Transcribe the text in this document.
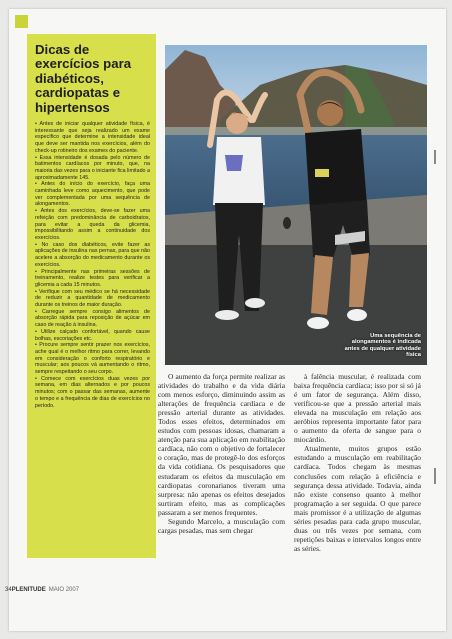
Dicas de exercícios para diabéticos, cardiopatas e hipertensos

• Antes de iniciar qualquer atividade física, é interessante que seja realizado um exame específico que determine a intensidade ideal que deve ser mantida nos exercícios, além do check-up rotineiro dos exames do paciente.

• Essa intensidade é dosada pelo número de batimentos cardíacos por minuto, que, na maioria das vezes para o iniciante fica limitado a aproximadamente 145.

• Antes do início do exercício, faça uma caminhada leve como aquecimento, que pode ver complementada por uma sequência de alongamentos.

• Antes dos exercícios, deve-se fazer uma refeição com predominância de carboidratos, para evitar a queda da glicemia, impossibilitando assim a continuidade dos exercícios.

• No caso dos diabéticos, evite fazer as aplicações de insulina nas pernas, para que não acelere a absorção do medicamento durante os exercícios.

• Principalmente nas primeiras sessões de treinamento, realize testes para verificar a glicemia a cada 15 minutos.

• Verifique com seu médico se há necessidade de reduzir a quantidade de medicamento durante os treinos de maior duração.

• Carregue sempre consigo alimentos de absorção rápida para reposição de açúcar em caso de reação à insulina.

• Utilize calçado confortável, quando cause bolhas, escoriações etc.

• Procure sempre sentir prazer nos exercícios, ache qual é o melhor ritmo para correr, levando em consideração o conforto respiratório e muscular; aos poucos vá aumentando o ritmo, sempre respeitando o seu corpo.

• Comece com exercícios duas vezes por semana, em dias alternados e por poucos minutos; com o passar das semanas, aumente o tempo e a frequência de dias de exercícios no período.

Uma sequência de alongamentos é indicada antes de qualquer atividade física

O aumento da força permite realizar as atividades do trabalho e da vida diária com menos esforço, diminuindo assim as alterações de frequência cardíaca e de pressão arterial durante as atividades. Todos esses efeitos, determinados em estudos com pessoas idosas, chamaram a atenção para sua aplicação em reabilitação cardíaca, não com o objetivo de fortalecer o coração, mas de protegê-lo dos esforços da vida cotidiana. Os pesquisadores que estudaram os efeitos da musculação em cardiopatas coronarianos tiveram uma surpresa: não apenas os efeitos desejados surtiram efeito, mas as complicações passaram a ser menos frequentes.

Segundo Marcelo, a musculação com cargas pesadas, mas sem chegar

à falência muscular, é realizada com baixa frequência cardíaca; isso por si só já é um fator de segurança. Além disso, verificou-se que a pressão arterial mais elevada na musculação em relação aos aeróbios representa importante fator para o aumento da oferta de sangue para o miocárdio.

Atualmente, muitos grupos estão estudando a musculação em reabilitação cardíaca. Todos chegam às mesmas conclusões com relação à eficiência e segurança dessa atividade. Todavia, ainda não existe consenso quanto à melhor programação a ser seguida. O que parece mais promissor é a utilização de algumas séries pesadas para cada grupo muscular, duas ou três vezes por semana, com repetições baixas e intervalos longos entre as séries.

34PLENITUDE MAIO 2007
